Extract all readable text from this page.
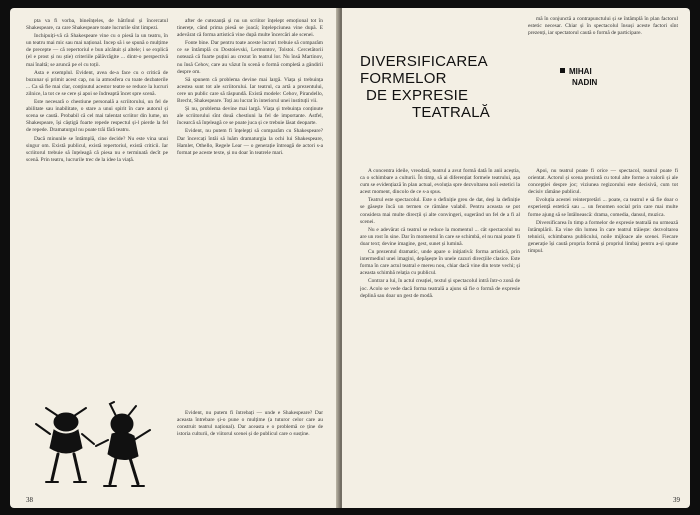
pta va fi vorba, bineînțeles, de hătrînul și încercatul Shakespeare, ca care Shakespeare toate lucrurile sînt limpezi.

Inchipuiți-vă că Shakespeare vine cu o piesă la un teatru, în un teatru mai mic sau mai național. Incep să i se spună o mulțime de precepte — că repertoriul e bun alcătuit și altele; i se explică (el e prost și nu știe) criteriile pălăvrăgite ... dintr-o perspectivă mai înaltă; se aruncă pe el cu toții.

Asta e exemplul. Evident, avea de-a face cu o critică de buzunar și primit acest cap, nu ia atmosfera cu toate dezbaterile ... Ca să fie mai clar, conținutul acestor teatre se reduce la lucruri zilnice, la tot ce se cere și apoi se îndreaptă încet spre scenă.

Este necesară o chestiune personală a scriitorului, un fel de abilitate sau inabilitate, o stare a unui spirit în care autorul și scena se caută. Probabil că cel mai talentat scriitor din lume, un Shakespeare, își câștigă foarte repede respectul și-l pierde la fel de repede. Dramaturgul nu poate trăi fără teatru.

Dacă minunile se întâmplă, cine decide? Nu este vina unui singur om. Există publicul, există repertoriul, există criticii. Iar scriitorul trebuie să înțeleagă că piesa nu e terminată decît pe scenă. Prin teatru, lucrurile trec de la idee la viață.

after de cutezanță și nu un scriitor înțelept emoțional tot în tinerețe, când prima piesă se joacă; înțelepciunea vine după. E adevărat că forma artistică vine după multe încercări ale scenei.

Fonte bine. Dar pentru toate aceste lucruri trebuie să comparăm ce se întâmplă cu Dostoievski, Lermontov, Tolstoi. Cercetătorii notează că foarte puțini au crezut în teatrul lor. Nu însă Martinov, nu însă Cehov, care au văzut în scenă o formă completă a gândirii despre om.

Să spunem că problema devine mai largă. Viața și trebuința acestea sunt tot ale scriitorului. Iar teatrul, ca artă a prezentului, cere un public care să răspundă. Există modele: Cehov, Pirandello, Brecht, Shakespeare. Toți au lucrat în interiorul unei instituții vii.

Și nu, problema devine mai largă. Viața și trebuința conținute ale scriitorului sînt două chestiuni la fel de importante. Astfel, încearcă să înțeleagă ce se poate juca și ce trebuie lăsat deoparte.

Evident, nu putem fi înțelepți să comparăm cu Shakespeare? Dar încercați întâi să luăm dramaturgia la ochi lui Shakespeare, Hamlet, Othello, Regele Lear — o generație întreagă de actori s-a format pe aceste texte, și nu doar în teatrele mari.

Evident, nu putem fi întrebați — unde e Shakespeare? Dar aceasta întrebare și-o pune o mulțime (a tuturor celor care au construit teatrul național). Dar aceasta e o problemă ce ține de istoria culturii, de viitorul scenei și de publicul care o susține.

38

mă în conjunctă a contrapunctului și se întâmplă în plan factorul estetic necesar. Chiar și în spectacolul însuși aceste factori sînt prezenți, iar spectatorul caută o formă de participare.

DIVERSIFICAREA
FORMELOR
DE EXPRESIE
TEATRALĂ
MIHAI
NADIN

A concentra ideile, vreodată, teatrul a avut formă dată în anii aceștia, ca o schimbare a culturii. În timp, să ai diferențiat formele teatrului, așa cum se evidențiază în plan actual, evoluția spre dezvoltarea noii estetici la acest moment, dincolo de ce s-a spus.

Teatrul este spectacolul. Este o definiție greu de dat, deși la definiție se găsește încă un termen ce rămâne valabil. Pentru aceasta se pot considera mai multe direcții și alte convingeri, sugerând un fel de a fi al scenei.

Nu e adevărat că teatrul se reduce la momentul ... cât spectacolul nu are un rost în sine. Dar în momentul în care se schimbă, el nu mai poate fi doar text; devine imagine, gest, sunet și lumină.

Cu prezentul dramatic, unde apare o inițiativă: forma artistică, prin intermediul unei imagini, depășește în unele cazuri direcțiile clasice. Este forma în care actul teatral e mereu nou, chiar dacă vine din texte vechi; și aceasta schimbă relația cu publicul.

Contrar a lui, în actul creației, textul și spectacolul intră într-o zonă de joc. Acolo se vede dacă forma teatrală a ajuns să fie o formă de expresie deplină sau doar un gest de modă.

Apoi, nu teatrul poate fi orice — spectacol, teatrul poate fi orientat. Actorul și scena prezintă cu totul alte forme a valorii și ale concepției despre joc; viziunea regizorului este decisivă, cum tot decisiv rămâne publicul.

Evoluția acestei reinterpretări ... poate, ca teatrul e să fie doar o experiență estetică sau ... un fenomen social prin care mai multe forme ajung să se întâlnească: drama, comedia, dansul, muzica.

Diversificarea în timp a formelor de expresie teatrală nu urmează întâmplării. Ea vine din lumea în care teatrul trăiește: dezvoltarea tehnicii, schimbarea publicului, noile mijloace ale scenei. Fiecare generație își caută propria formă și propriul limbaj pentru a-și spune timpul.

39
